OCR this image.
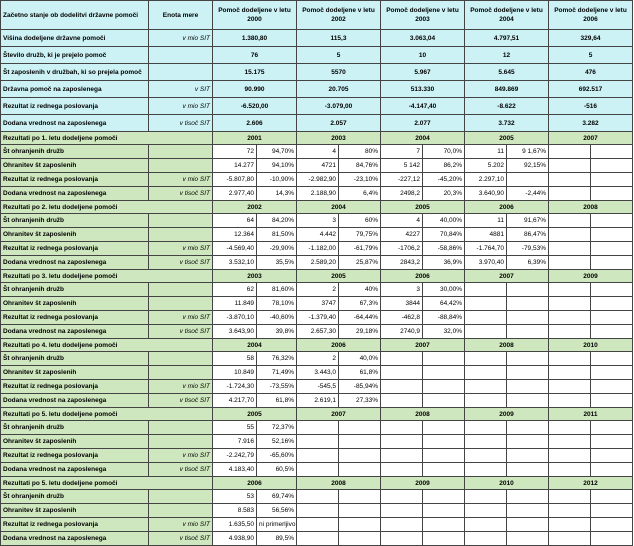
Začetno stanje ob dodelitvi državne pomoči	Enota mere	Pomoč dodeljene v letu 2000		Pomoč dodeljene v letu 2002		Pomoč dodeljene v letu 2003		Pomoč dodeljene v letu 2004		Pomoč dodeljene v letu 2006	
Višina dodeljene državne pomoči	v mio SIT	1.380,80		115,3		3.063,04		4.797,51		329,64	
Število družb, ki je prejelo pomoč		76		5		10		12		5	
Št zaposlenih v družbah, ki so prejela pomoč		15.175		5570		5.967		5.645		476	
Državna pomoč na zaposlenega	v SIT	90.990		20.705		513.330		849.869		692.517	
Rezultat iz rednega poslovanja	v mio SIT	-6.520,00		-3.079,00		-4.147,40		-8.622		-516	
Dodana vrednost na zaposlenega	v tisoč SIT	2.606		2.057		2.077		3.732		3.282	
Rezultati po 1. letu dodeljene pomoči		2001		2003		2004		2005		2007	
Št ohranjenih družb		72	94,70%	4	80%	7	70,0%	11	9 1,67%		
Ohranitev št zaposlenih		14.277	94,10%	4721	84,76%	5 142	86,2%	5.202	92,15%		
Rezultat iz rednega poslovanja	v mio SIT	-5.807,80	-10,90%	-2.982,90	-23,10%	-227,12	-45,20%	2.297,10			
Dodana vrednost na zaposlenega	v tisoč SIT	2.977,40	14,3%	2.188,90	6,4%	2498,2	20,3%	3.640,90	-2,44%		
Rezultati po 2. letu dodeljene pomoči		2002		2004		2005		2006		2008	
Št ohranjenih družb		64	84,20%	3	60%	4	40,00%	11	91,67%		
Ohranitev št zaposlenih		12.364	81,50%	4.442	79,75%	4227	70,84%	4881	86,47%		
Rezultat iz rednega poslovanja	v mio SIT	-4.569,40	-29,90%	-1.182,00	-61,79%	-1706,2	-58,86%	-1.764,70	-79,53%		
Dodana vrednost na zaposlenega	v tisoč SIT	3.532,10	35,5%	2.589,20	25,87%	2843,2	36,9%	3.970,40	6,39%		
Rezultati po 3. letu dodeljene pomoči		2003		2005		2006		2007		2009	
Št ohranjenih družb		62	81,60%	2	40%	3	30,00%				
Ohranitev št zaposlenih		11.849	78,10%	3747	67,3%	3844	64,42%				
Rezultat iz rednega poslovanja	v mio SIT	-3.870,10	-40,60%	-1.379,40	-64,44%	-462,8	-88,84%				
Dodana vrednost na zaposlenega	v tisoč SIT	3.643,90	39,8%	2.657,30	29,18%	2740,9	32,0%				
Rezultati po 4. letu dodeljene pomoči		2004		2006		2007		2008		2010	
Št ohranjenih družb		58	76,32%	2	40,0%						
Ohranitev št zaposlenih		10.849	71,49%	3.443,0	61,8%						
Rezultat iz rednega poslovanja	v mio SIT	-1.724,30	-73,55%	-545,5	-85,94%						
Dodana vrednost na zaposlenega	v tisoč SIT	4.217,70	61,8%	2.619,1	27,33%						
Rezultati po 5. letu dodeljene pomoči		2005		2007		2008		2009		2011	
Št ohranjenih družb		55	72,37%								
Ohranitev št zaposlenih		7.916	52,16%								
Rezultat iz rednega poslovanja	v mio SIT	-2.242,79	-65,60%								
Dodana vrednost na zaposlenega	v tisoč SIT	4.183,40	60,5%								
Rezultati po 5. letu dodeljene pomoči		2006		2008		2009		2010		2012	
Št ohranjenih družb		53	69,74%								
Ohranitev št zaposlenih		8.583	56,56%								
Rezultat iz rednega poslovanja	v mio SIT	1.635,50	ni primerljivo								
Dodana vrednost na zaposlenega	v tisoč SIT	4.938,90	89,5%								
